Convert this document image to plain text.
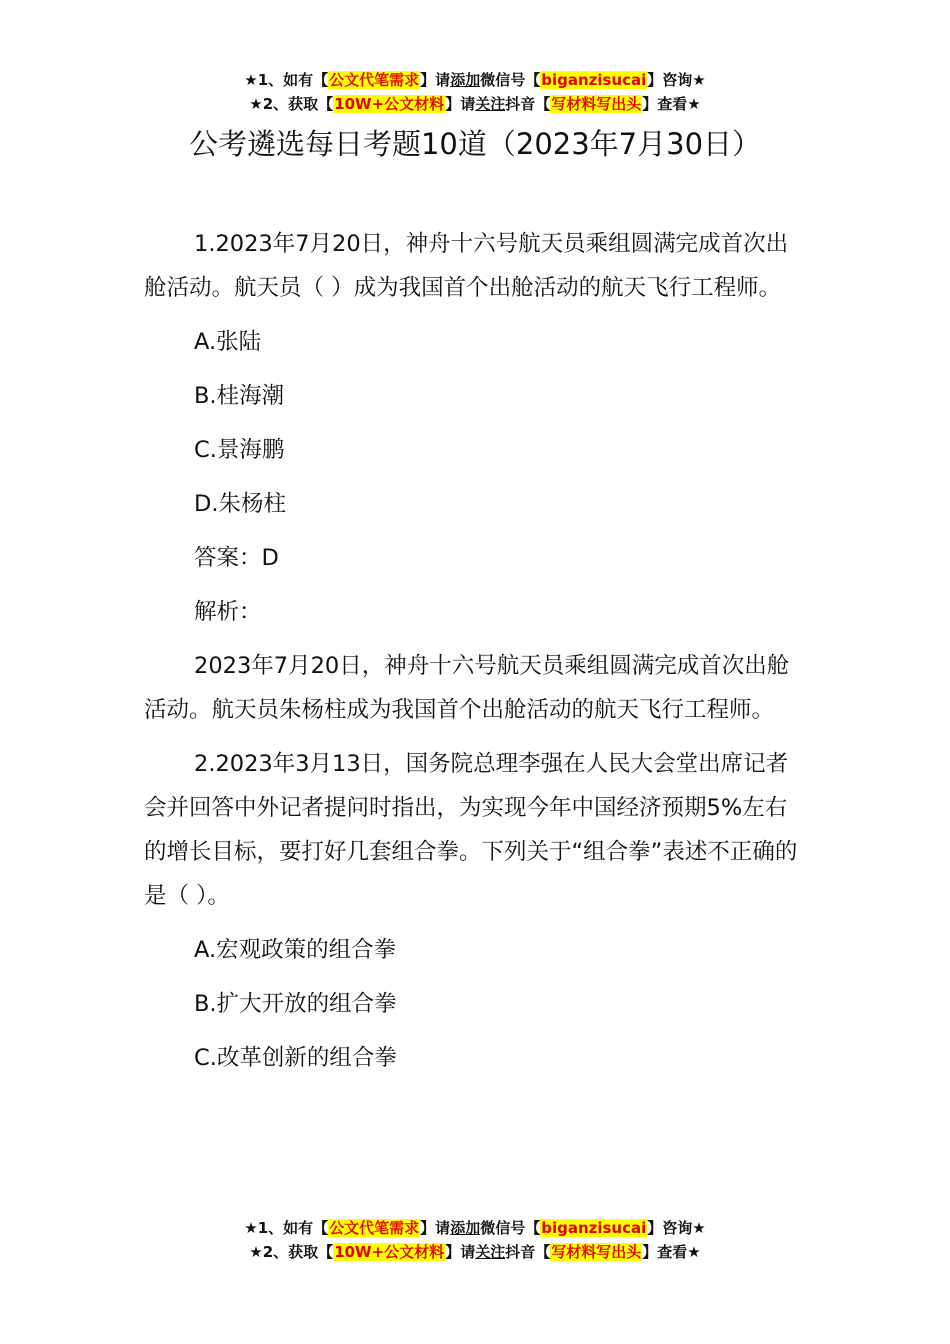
★1、如有【公文代笔需求】请添加微信号【biganzisucai】咨询★
★2、获取【10W+公文材料】请关注抖音【写材料写出头】查看★
公考遴选每日考题10道（2023年7月30日）

1.2023年7月20日，神舟十六号航天员乘组圆满完成首次出舱活动。航天员（ ）成为我国首个出舱活动的航天飞行工程师。

A.张陆

B.桂海潮

C.景海鹏

D.朱杨柱

答案：D

解析：

2023年7月20日，神舟十六号航天员乘组圆满完成首次出舱活动。航天员朱杨柱成为我国首个出舱活动的航天飞行工程师。

2.2023年3月13日，国务院总理李强在人民大会堂出席记者会并回答中外记者提问时指出，为实现今年中国经济预期5%左右的增长目标，要打好几套组合拳。下列关于“组合拳”表述不正确的是（ ）。

A.宏观政策的组合拳

B.扩大开放的组合拳

C.改革创新的组合拳

★1、如有【公文代笔需求】请添加微信号【biganzisucai】咨询★
★2、获取【10W+公文材料】请关注抖音【写材料写出头】查看★
